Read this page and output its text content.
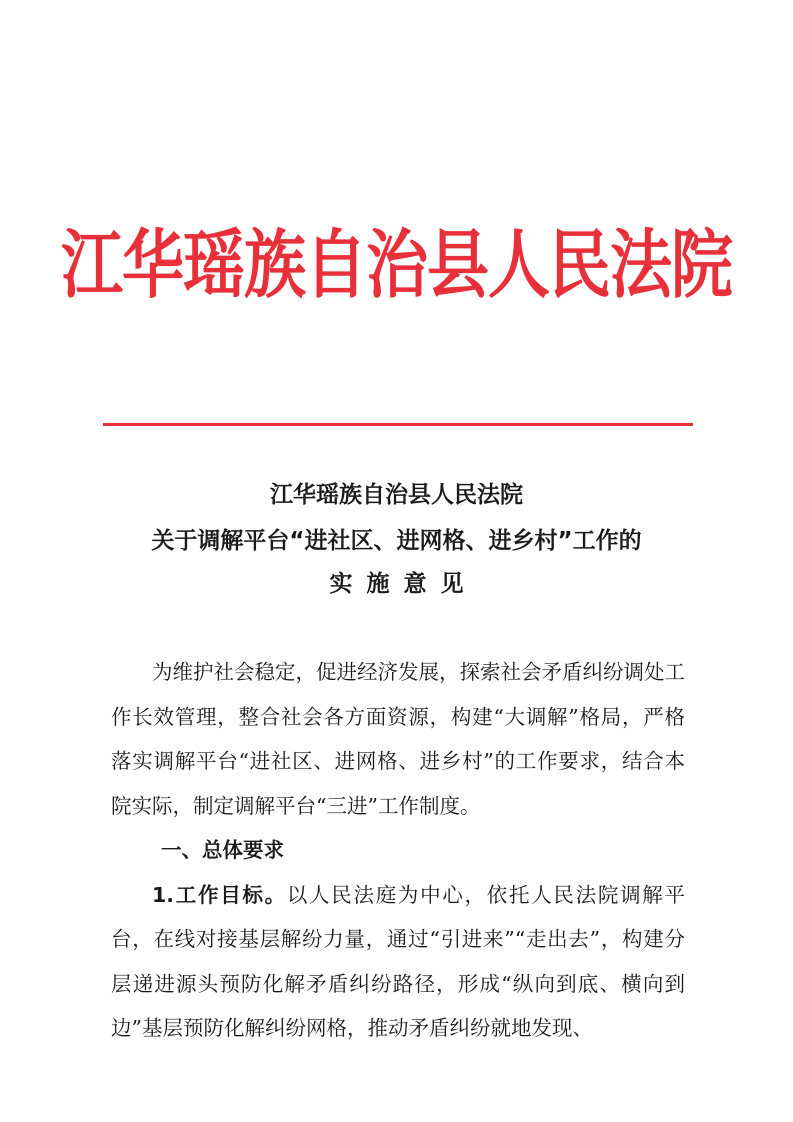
江华瑶族自治县人民法院
江华瑶族自治县人民法院
关于调解平台“进社区、进网格、进乡村”工作的
实施意见

为维护社会稳定，促进经济发展，探索社会矛盾纠纷调处工作长效管理，整合社会各方面资源，构建“大调解”格局，严格落实调解平台“进社区、进网格、进乡村”的工作要求，结合本院实际，制定调解平台“三进”工作制度。

一、总体要求

1.工作目标。以人民法庭为中心，依托人民法院调解平台，在线对接基层解纷力量，通过“引进来”“走出去”，构建分层递进源头预防化解矛盾纠纷路径，形成“纵向到底、横向到边”基层预防化解纠纷网格，推动矛盾纠纷就地发现、
